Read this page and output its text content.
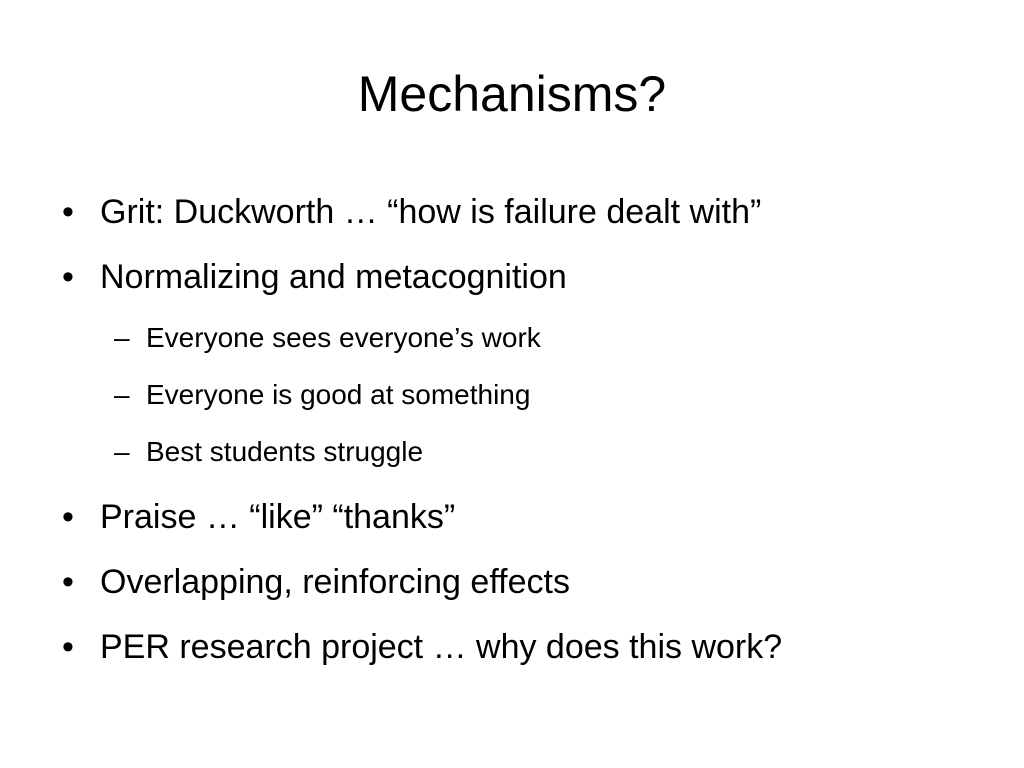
Mechanisms?
• Grit: Duckworth … “how is failure dealt with”
• Normalizing and metacognition
– Everyone sees everyone’s work
– Everyone is good at something
– Best students struggle
• Praise … “like” “thanks”
• Overlapping, reinforcing effects
• PER research project … why does this work?
